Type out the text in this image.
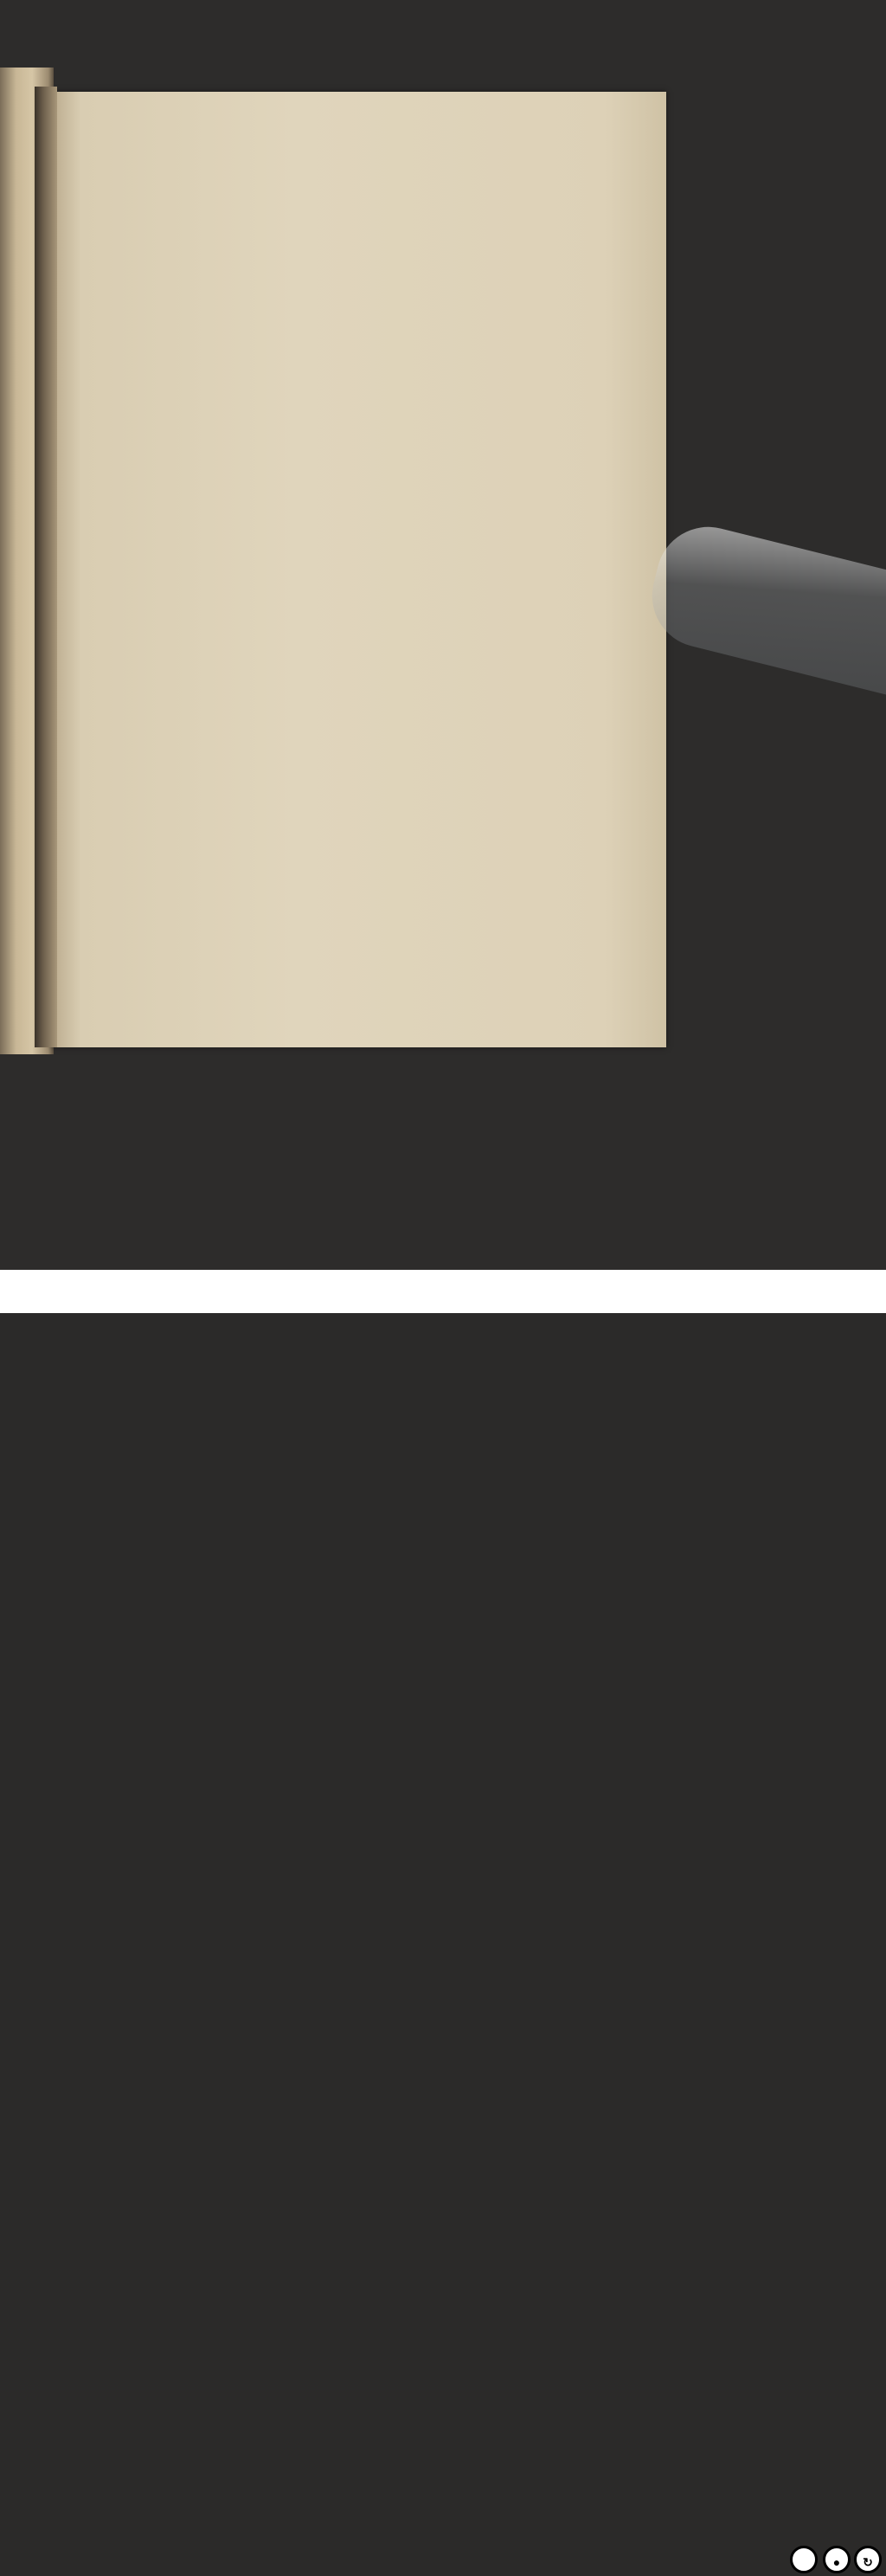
●	↻
